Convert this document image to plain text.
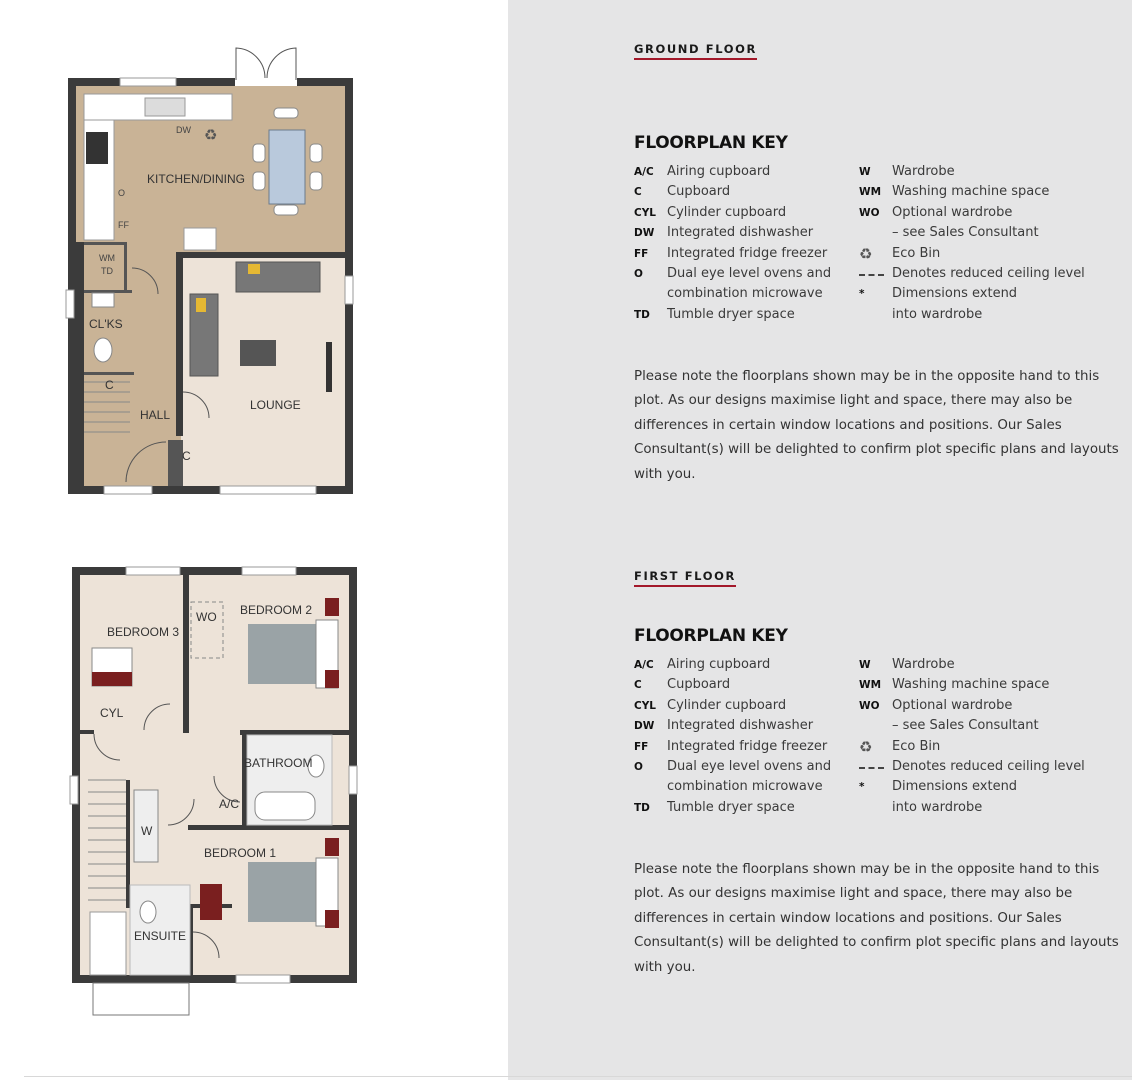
KITCHEN/DINING
LOUNGE
HALL
CL'KS
WM
TD
DW
FF
O
C
C
♻
BEDROOM 3
BEDROOM 2
BEDROOM 1
BATHROOM
ENSUITE
CYL
A/C
WO
W
GROUND FLOOR
FLOORPLAN KEY
A/C Airing cupboard
C Cupboard
CYL Cylinder cupboard
DW Integrated dishwasher
FF Integrated fridge freezer
O Dual eye level ovens and
combination microwave
TD Tumble dryer space
W Wardrobe
WM Washing machine space
WO Optional wardrobe
– see Sales Consultant
♻ Eco Bin
Denotes reduced ceiling level
* Dimensions extend
into wardrobe
Please note the floorplans shown may be in the opposite hand to this
plot. As our designs maximise light and space, there may also be
differences in certain window locations and positions. Our Sales
Consultant(s) will be delighted to confirm plot specific plans and layouts
with you.
FIRST FLOOR
FLOORPLAN KEY
A/C Airing cupboard
C Cupboard
CYL Cylinder cupboard
DW Integrated dishwasher
FF Integrated fridge freezer
O Dual eye level ovens and
combination microwave
TD Tumble dryer space
W Wardrobe
WM Washing machine space
WO Optional wardrobe
– see Sales Consultant
♻ Eco Bin
Denotes reduced ceiling level
* Dimensions extend
into wardrobe
Please note the floorplans shown may be in the opposite hand to this
plot. As our designs maximise light and space, there may also be
differences in certain window locations and positions. Our Sales
Consultant(s) will be delighted to confirm plot specific plans and layouts
with you.
